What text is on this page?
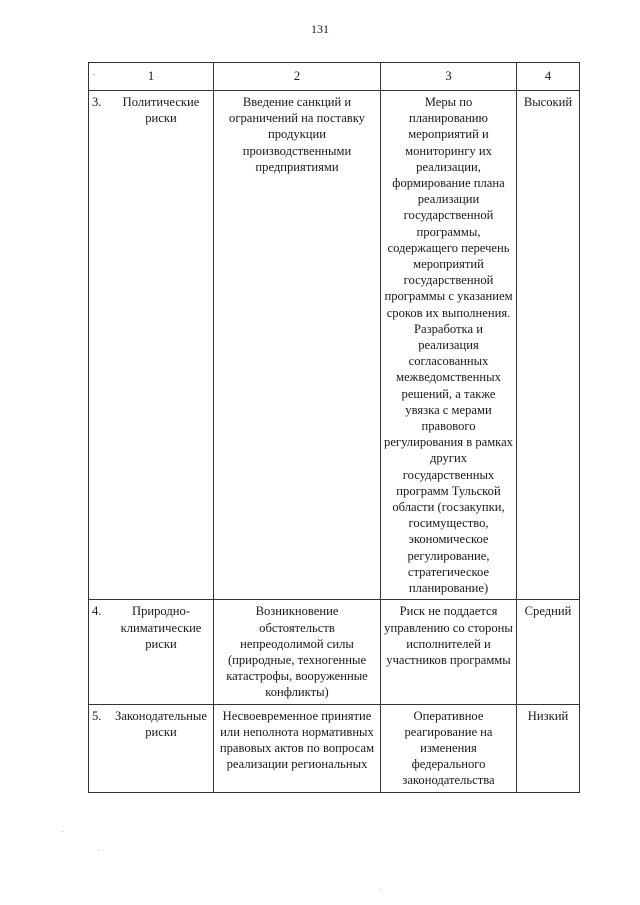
131
.	1	2	3	4

3. Политические риски	Введение санкций и ограничений на поставку продукции производственными предприятиями	Меры по планированию мероприятий и мониторингу их реализации, формирование плана реализации государственной программы, содержащего перечень мероприятий государственной программы с указанием сроков их выполнения. Разработка и реализация согласованных межведомственных решений, а также увязка с мерами правового регулирования в рамках других государственных программ Тульской области (госзакупки, госимущество, экономическое регулирование, стратегическое планирование)	Высокий

4. Природно-климатические риски	Возникновение обстоятельств непреодолимой силы (природные, техногенные катастрофы, вооруженные конфликты)	Риск не поддается управлению со стороны исполнителей и участников программы	Средний

5. Законодательные риски	Несвоевременное принятие или неполнота нормативных правовых актов по вопросам реализации региональных	Оперативное реагирование на изменения федерального законодательства	Низкий
.
.
.
